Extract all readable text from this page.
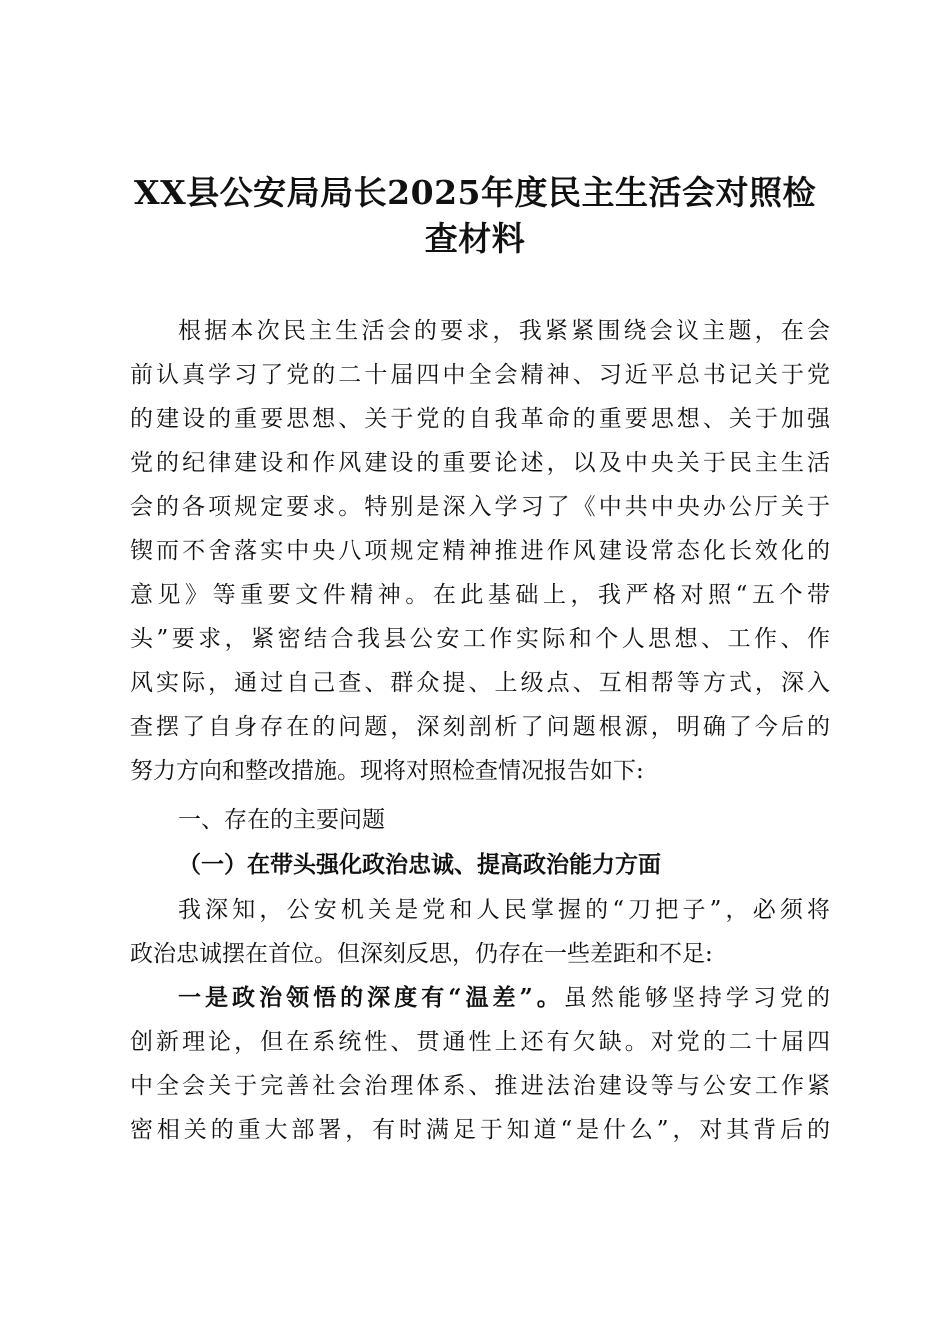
XX县公安局局长2025年度民主生活会对照检
查材料
根据本次民主生活会的要求，我紧紧围绕会议主题，在会
前认真学习了党的二十届四中全会精神、习近平总书记关于党
的建设的重要思想、关于党的自我革命的重要思想、关于加强
党的纪律建设和作风建设的重要论述，以及中央关于民主生活
会的各项规定要求。特别是深入学习了《中共中央办公厅关于
锲而不舍落实中央八项规定精神推进作风建设常态化长效化的
意见》等重要文件精神。在此基础上，我严格对照“五个带
头”要求，紧密结合我县公安工作实际和个人思想、工作、作
风实际，通过自己查、群众提、上级点、互相帮等方式，深入
查摆了自身存在的问题，深刻剖析了问题根源，明确了今后的
努力方向和整改措施。现将对照检查情况报告如下:
一、存在的主要问题
（一）在带头强化政治忠诚、提高政治能力方面
我深知，公安机关是党和人民掌握的“刀把子”，必须将
政治忠诚摆在首位。但深刻反思，仍存在一些差距和不足:
一是政治领悟的深度有“温差”。虽然能够坚持学习党的
创新理论，但在系统性、贯通性上还有欠缺。对党的二十届四
中全会关于完善社会治理体系、推进法治建设等与公安工作紧
密相关的重大部署，有时满足于知道“是什么”，对其背后的
